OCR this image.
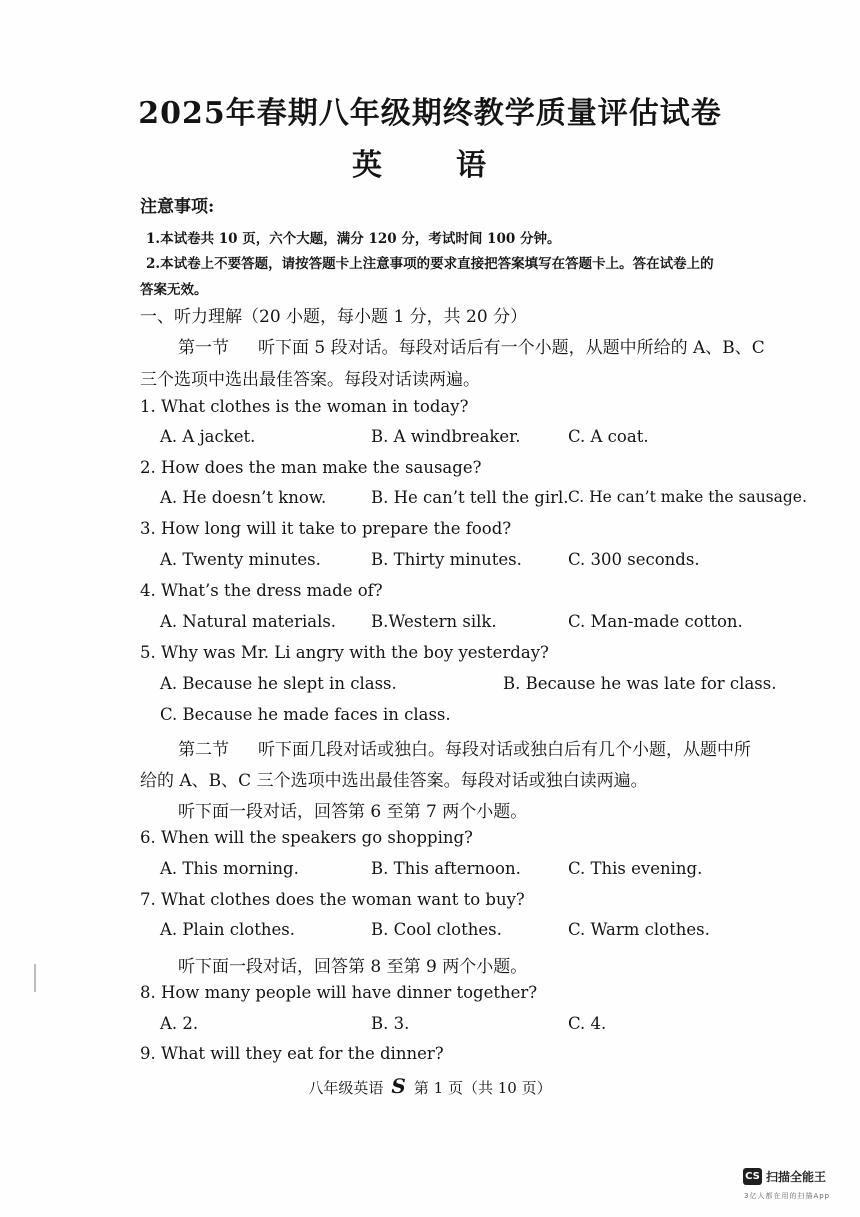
2025年春期八年级期终教学质量评估试卷
英　语
注意事项:
1.本试卷共 10 页，六个大题，满分 120 分，考试时间 100 分钟。
2.本试卷上不要答题，请按答题卡上注意事项的要求直接把答案填写在答题卡上。答在试卷上的
答案无效。
一、听力理解（20 小题，每小题 1 分，共 20 分）
第一节 听下面 5 段对话。每段对话后有一个小题，从题中所给的 A、B、C
三个选项中选出最佳答案。每段对话读两遍。
1. What clothes is the woman in today?
A. A jacket.	B. A windbreaker.	C. A coat.
2. How does the man make the sausage?
A. He doesn’t know.	B. He can’t tell the girl. C. He can’t make the sausage.
3. How long will it take to prepare the food?
A. Twenty minutes.	B. Thirty minutes.	C. 300 seconds.
4. What’s the dress made of?
A. Natural materials. B.Western silk.	C. Man-made cotton.
5. Why was Mr. Li angry with the boy yesterday?
A. Because he slept in class.	B. Because he was late for class.
C. Because he made faces in class.
第二节 听下面几段对话或独白。每段对话或独白后有几个小题，从题中所
给的 A、B、C 三个选项中选出最佳答案。每段对话或独白读两遍。
听下面一段对话，回答第 6 至第 7 两个小题。
6. When will the speakers go shopping?
A. This morning.	B. This afternoon.	C. This evening.
7. What clothes does the woman want to buy?
A. Plain clothes.	B. Cool clothes.	C. Warm clothes.
听下面一段对话，回答第 8 至第 9 两个小题。
8. How many people will have dinner together?
A. 2.	B. 3.	C. 4.
9. What will they eat for the dinner?
八年级英语 S 第 1 页（共 10 页）
CS 扫描全能王
3亿人都在用的扫描App
